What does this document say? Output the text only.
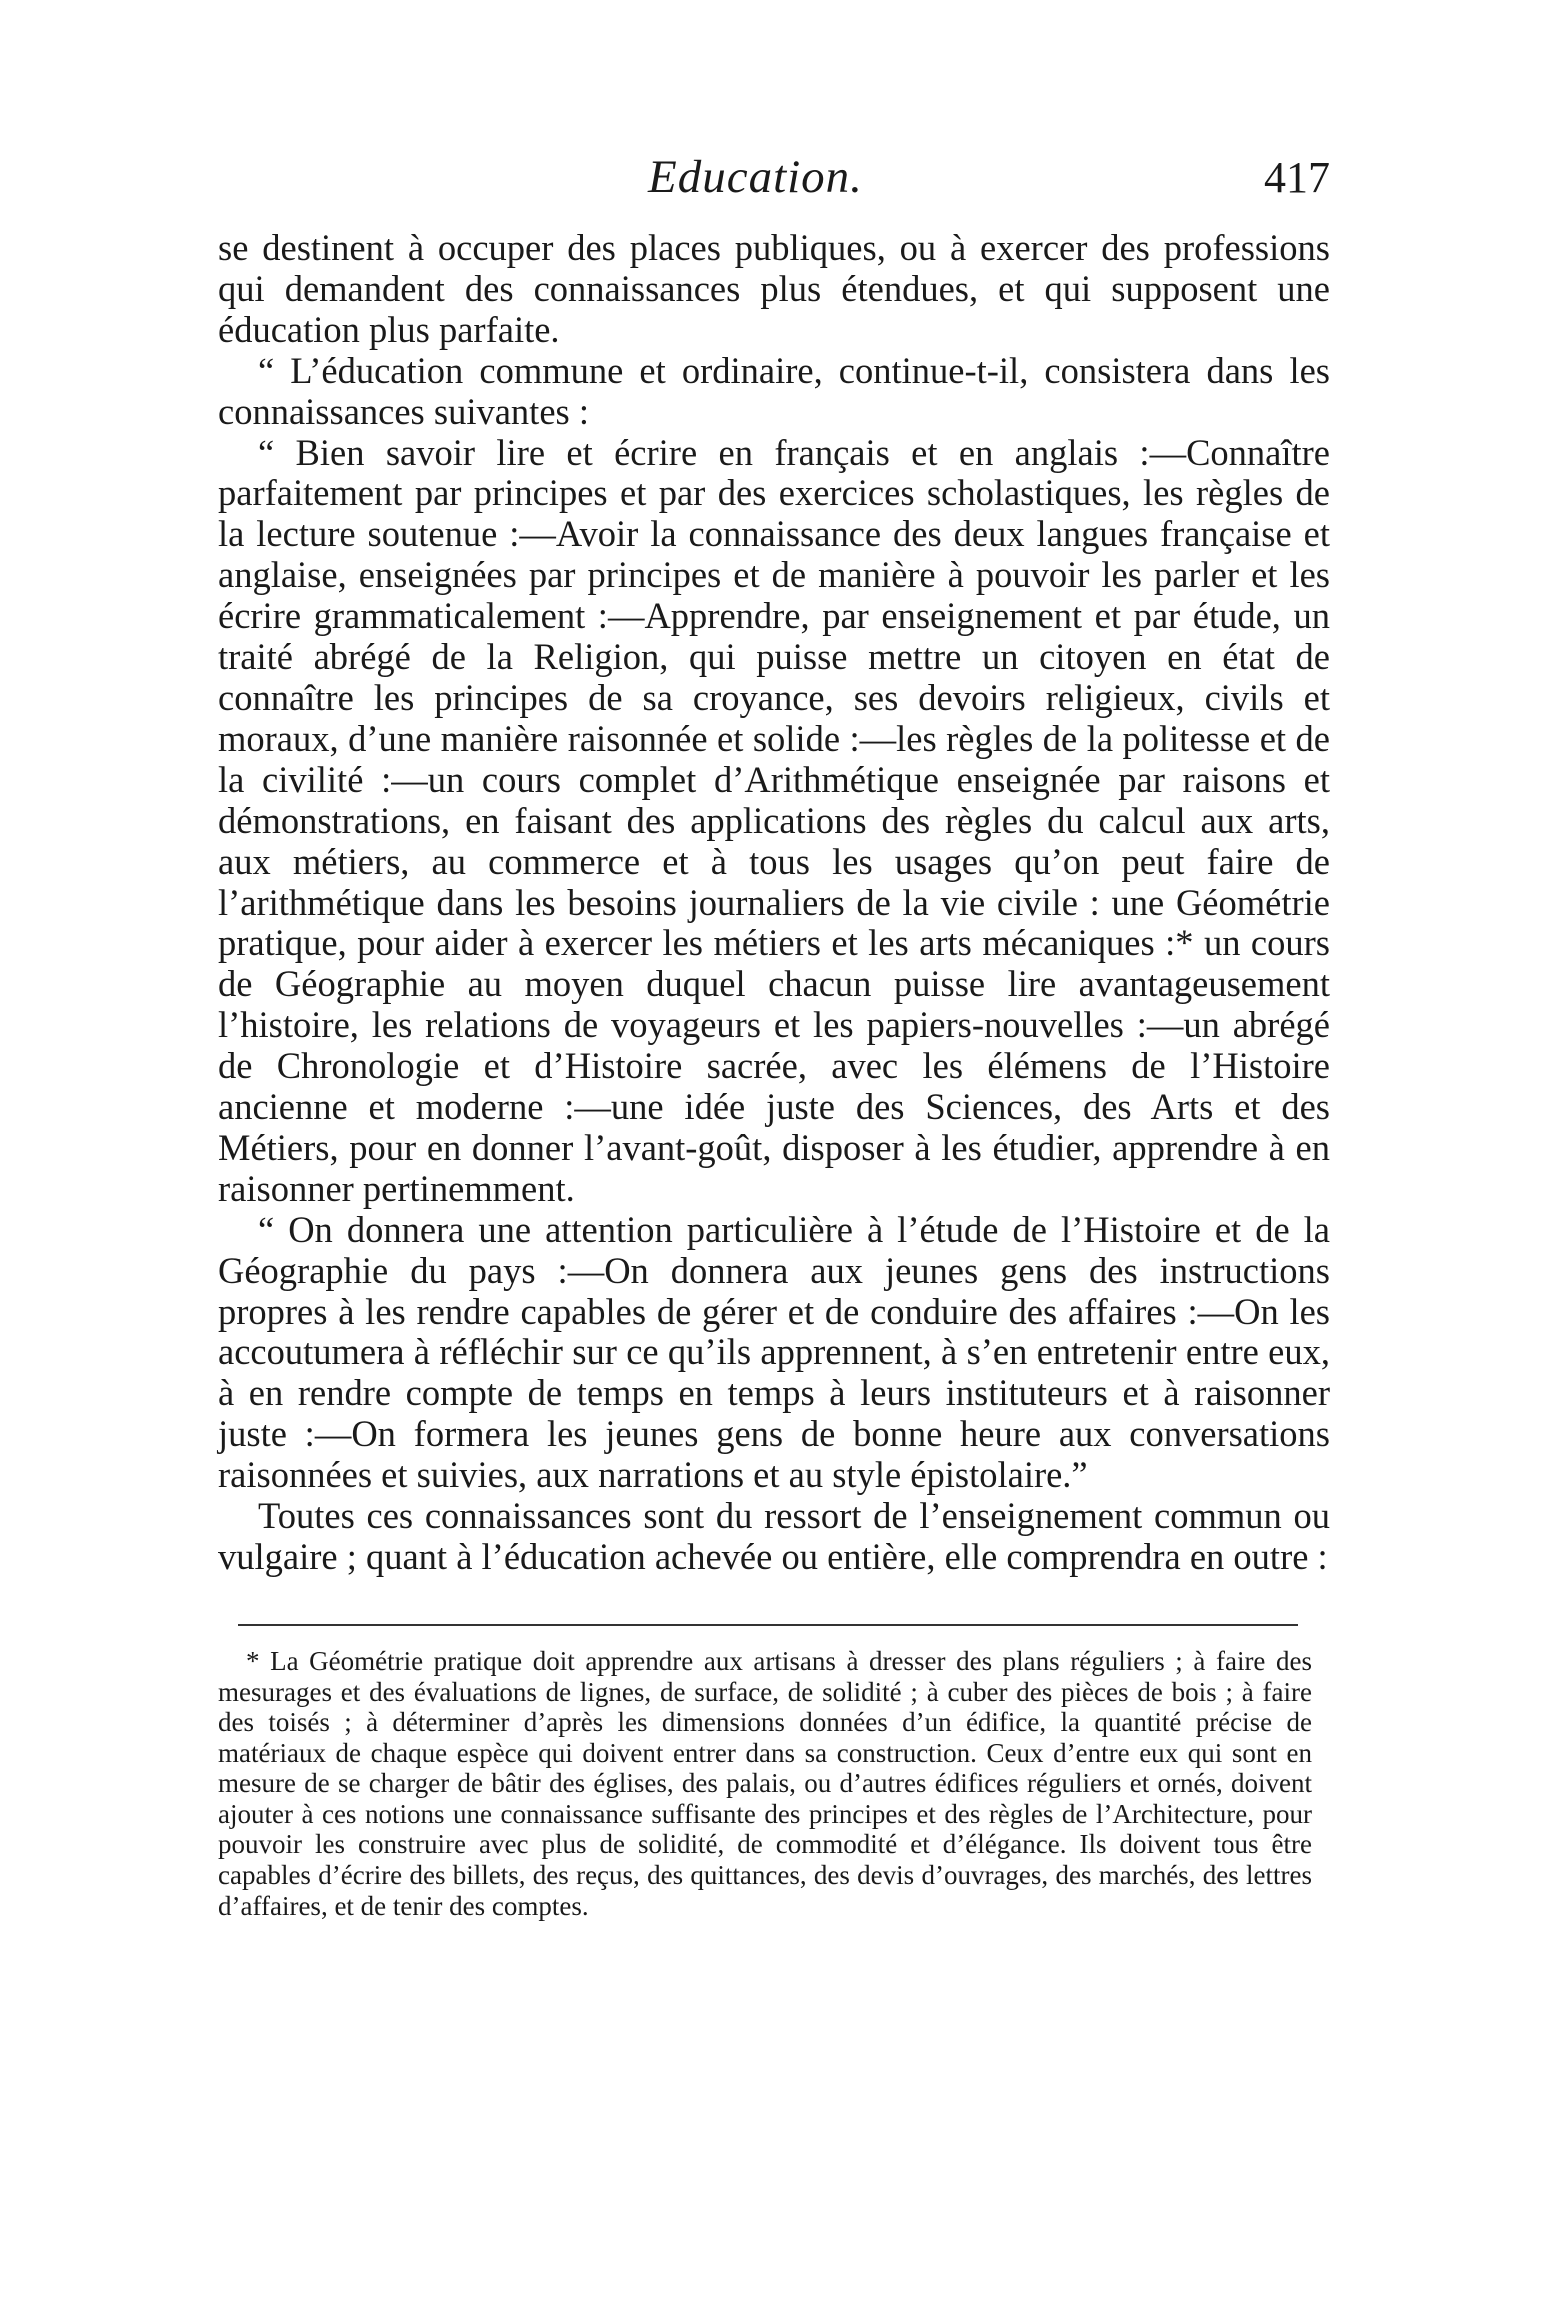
Education.	417

se destinent à occuper des places publiques, ou à exercer des professions qui demandent des connaissances plus étendues, et qui supposent une éducation plus parfaite.

“ L’éducation commune et ordinaire, continue-t-il, consistera dans les connaissances suivantes :

“ Bien savoir lire et écrire en français et en anglais :—Connaître parfaitement par principes et par des exercices scholastiques, les règles de la lecture soutenue :—Avoir la connaissance des deux langues française et anglaise, enseignées par principes et de manière à pouvoir les parler et les écrire grammaticalement :—Apprendre, par enseignement et par étude, un traité abrégé de la Religion, qui puisse mettre un citoyen en état de connaître les principes de sa croyance, ses devoirs religieux, civils et moraux, d’une manière raisonnée et solide :—les règles de la politesse et de la civilité :—un cours complet d’Arithmétique enseignée par raisons et démonstrations, en faisant des applications des règles du calcul aux arts, aux métiers, au commerce et à tous les usages qu’on peut faire de l’arithmétique dans les besoins journaliers de la vie civile : une Géométrie pratique, pour aider à exercer les métiers et les arts mécaniques :* un cours de Géographie au moyen duquel chacun puisse lire avantageusement l’histoire, les relations de voyageurs et les papiers-nouvelles :—un abrégé de Chronologie et d’Histoire sacrée, avec les élémens de l’Histoire ancienne et moderne :—une idée juste des Sciences, des Arts et des Métiers, pour en donner l’avant-goût, disposer à les étudier, apprendre à en raisonner pertinemment.

“ On donnera une attention particulière à l’étude de l’Histoire et de la Géographie du pays :—On donnera aux jeunes gens des instructions propres à les rendre capables de gérer et de conduire des affaires :—On les accoutumera à réfléchir sur ce qu’ils apprennent, à s’en entretenir entre eux, à en rendre compte de temps en temps à leurs instituteurs et à raisonner juste :—On formera les jeunes gens de bonne heure aux conversations raisonnées et suivies, aux narrations et au style épistolaire.”

Toutes ces connaissances sont du ressort de l’enseignement commun ou vulgaire ; quant à l’éducation achevée ou entière, elle comprendra en outre :

* La Géométrie pratique doit apprendre aux artisans à dresser des plans réguliers ; à faire des mesurages et des évaluations de lignes, de surface, de solidité ; à cuber des pièces de bois ; à faire des toisés ; à déterminer d’après les dimensions données d’un édifice, la quantité précise de matériaux de chaque espèce qui doivent entrer dans sa construction. Ceux d’entre eux qui sont en mesure de se charger de bâtir des églises, des palais, ou d’autres édifices réguliers et ornés, doivent ajouter à ces notions une connaissance suffisante des principes et des règles de l’Architecture, pour pouvoir les construire avec plus de solidité, de commodité et d’élégance. Ils doivent tous être capables d’écrire des billets, des reçus, des quittances, des devis d’ouvrages, des marchés, des lettres d’affaires, et de tenir des comptes.
